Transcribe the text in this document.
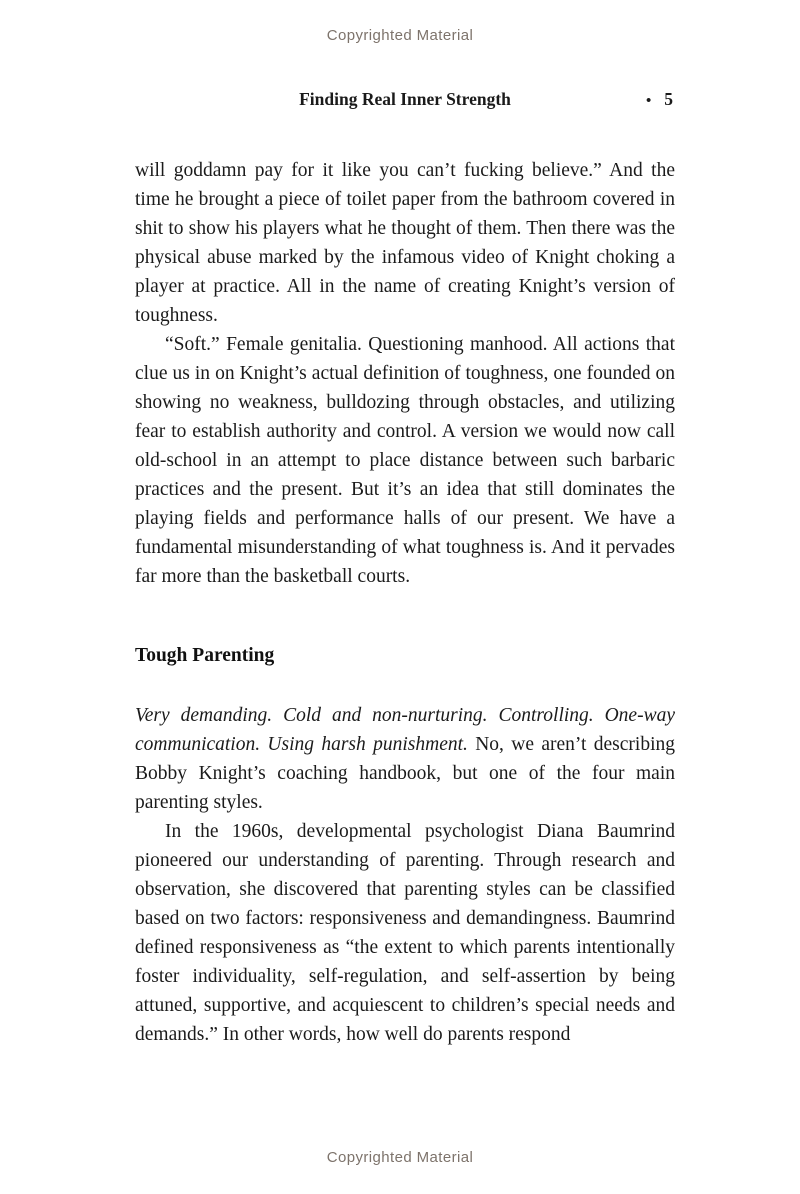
Copyrighted Material
Finding Real Inner Strength	• 5

will goddamn pay for it like you can’t fucking believe.” And the time he brought a piece of toilet paper from the bathroom covered in shit to show his players what he thought of them. Then there was the physical abuse marked by the infamous video of Knight choking a player at practice. All in the name of creating Knight’s version of toughness.

“Soft.” Female genitalia. Questioning manhood. All actions that clue us in on Knight’s actual definition of toughness, one founded on showing no weakness, bulldozing through obstacles, and utilizing fear to establish authority and control. A version we would now call old-school in an attempt to place distance between such barbaric practices and the present. But it’s an idea that still dominates the playing fields and performance halls of our present. We have a fundamental misunderstanding of what toughness is. And it pervades far more than the basketball courts.

Tough Parenting

Very demanding. Cold and non-nurturing. Controlling. One-way communication. Using harsh punishment. No, we aren’t describing Bobby Knight’s coaching handbook, but one of the four main parenting styles.

In the 1960s, developmental psychologist Diana Baumrind pioneered our understanding of parenting. Through research and observation, she discovered that parenting styles can be classified based on two factors: responsiveness and demandingness. Baumrind defined responsiveness as “the extent to which parents intentionally foster individuality, self-regulation, and self-assertion by being attuned, supportive, and acquiescent to children’s special needs and demands.” In other words, how well do parents respond

Copyrighted Material
